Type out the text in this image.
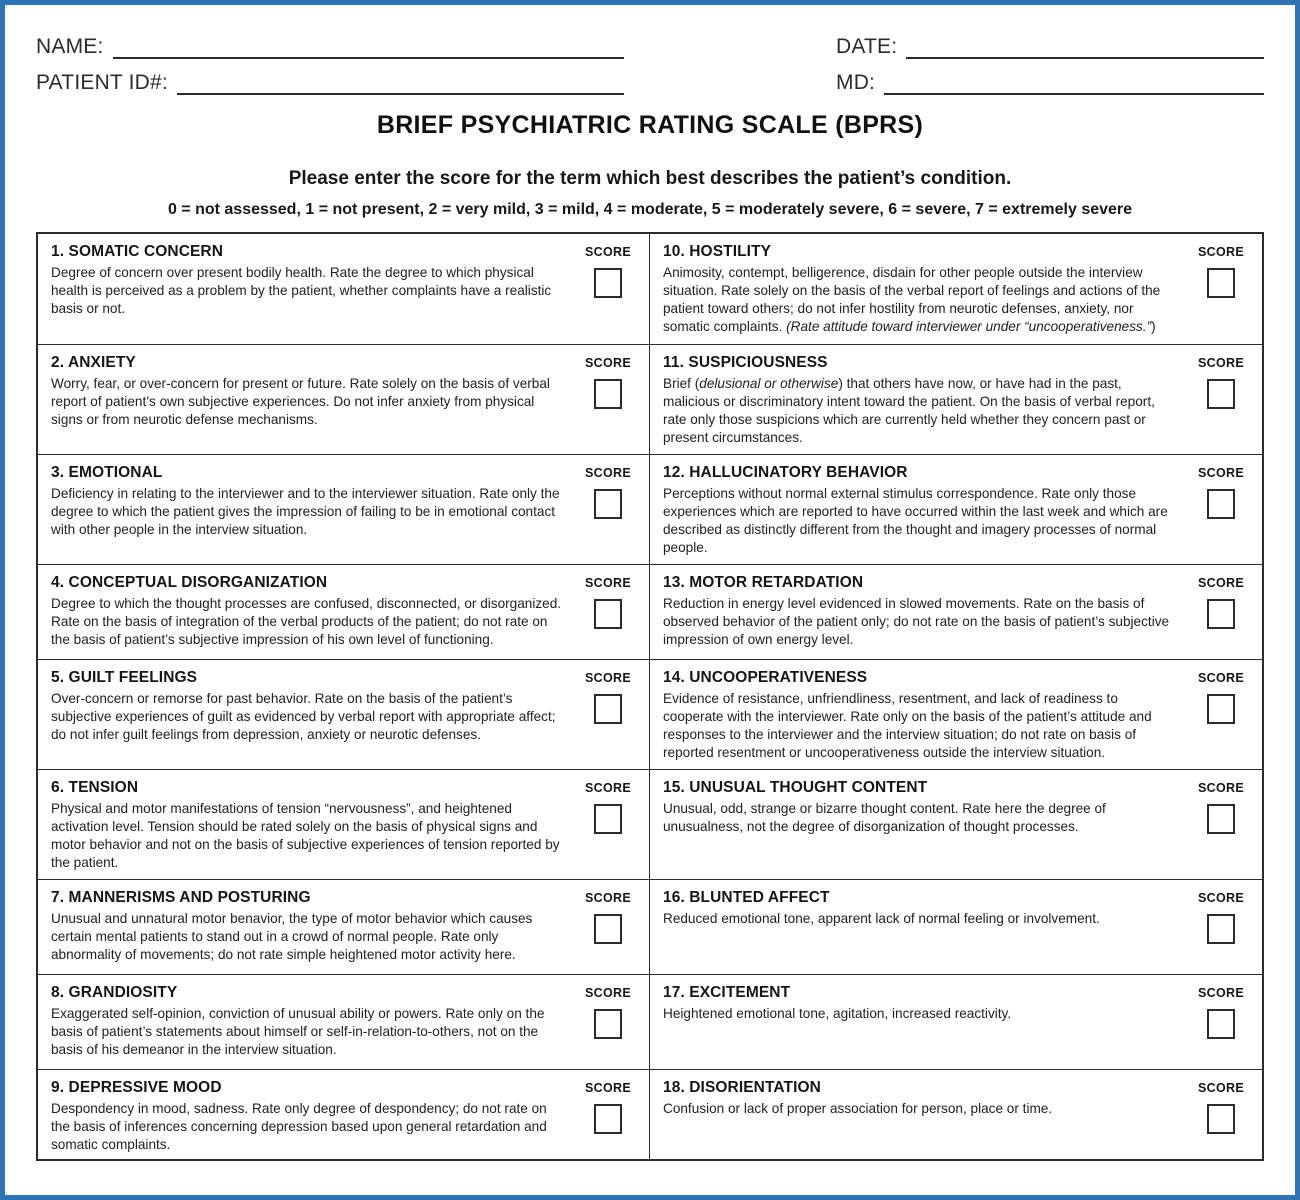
NAME:
PATIENT ID#:
DATE:
MD:
BRIEF PSYCHIATRIC RATING SCALE (BPRS)
Please enter the score for the term which best describes the patient’s condition.
0 = not assessed, 1 = not present, 2 = very mild, 3 = mild, 4 = moderate, 5 = moderately severe, 6 = severe, 7 = extremely severe
1. SOMATIC CONCERN
Degree of concern over present bodily health. Rate the degree to which physical health is perceived as a problem by the patient, whether complaints have a realistic basis or not.
SCORE
2. ANXIETY
Worry, fear, or over-concern for present or future. Rate solely on the basis of verbal report of patient’s own subjective experiences. Do not infer anxiety from physical signs or from neurotic defense mechanisms.
SCORE
3. EMOTIONAL
Deficiency in relating to the interviewer and to the interviewer situation. Rate only the degree to which the patient gives the impression of failing to be in emotional contact with other people in the interview situation.
SCORE
4. CONCEPTUAL DISORGANIZATION
Degree to which the thought processes are confused, disconnected, or disorganized. Rate on the basis of integration of the verbal products of the patient; do not rate on the basis of patient’s subjective impression of his own level of functioning.
SCORE
5. GUILT FEELINGS
Over-concern or remorse for past behavior. Rate on the basis of the patient’s subjective experiences of guilt as evidenced by verbal report with appropriate affect; do not infer guilt feelings from depression, anxiety or neurotic defenses.
SCORE
6. TENSION
Physical and motor manifestations of tension “nervousness”, and heightened activation level. Tension should be rated solely on the basis of physical signs and motor behavior and not on the basis of subjective experiences of tension reported by the patient.
SCORE
7. MANNERISMS AND POSTURING
Unusual and unnatural motor benavior, the type of motor behavior which causes certain mental patients to stand out in a crowd of normal people. Rate only abnormality of movements; do not rate simple heightened motor activity here.
SCORE
8. GRANDIOSITY
Exaggerated self-opinion, conviction of unusual ability or powers. Rate only on the basis of patient’s statements about himself or self-in-relation-to-others, not on the basis of his demeanor in the interview situation.
SCORE
9. DEPRESSIVE MOOD
Despondency in mood, sadness. Rate only degree of despondency; do not rate on the basis of inferences concerning depression based upon general retardation and somatic complaints.
SCORE
10. HOSTILITY
Animosity, contempt, belligerence, disdain for other people outside the interview situation. Rate solely on the basis of the verbal report of feelings and actions of the patient toward others; do not infer hostility from neurotic defenses, anxiety, nor somatic complaints. (Rate attitude toward interviewer under “uncooperativeness.”)
SCORE
11. SUSPICIOUSNESS
Brief (delusional or otherwise) that others have now, or have had in the past, malicious or discriminatory intent toward the patient. On the basis of verbal report, rate only those suspicions which are currently held whether they concern past or present circumstances.
SCORE
12. HALLUCINATORY BEHAVIOR
Perceptions without normal external stimulus correspondence. Rate only those experiences which are reported to have occurred within the last week and which are described as distinctly different from the thought and imagery processes of normal people.
SCORE
13. MOTOR RETARDATION
Reduction in energy level evidenced in slowed movements. Rate on the basis of observed behavior of the patient only; do not rate on the basis of patient’s subjective impression of own energy level.
SCORE
14. UNCOOPERATIVENESS
Evidence of resistance, unfriendliness, resentment, and lack of readiness to cooperate with the interviewer. Rate only on the basis of the patient’s attitude and responses to the interviewer and the interview situation; do not rate on basis of reported resentment or uncooperativeness outside the interview situation.
SCORE
15. UNUSUAL THOUGHT CONTENT
Unusual, odd, strange or bizarre thought content. Rate here the degree of unusualness, not the degree of disorganization of thought processes.
SCORE
16. BLUNTED AFFECT
Reduced emotional tone, apparent lack of normal feeling or involvement.
SCORE
17. EXCITEMENT
Heightened emotional tone, agitation, increased reactivity.
SCORE
18. DISORIENTATION
Confusion or lack of proper association for person, place or time.
SCORE
